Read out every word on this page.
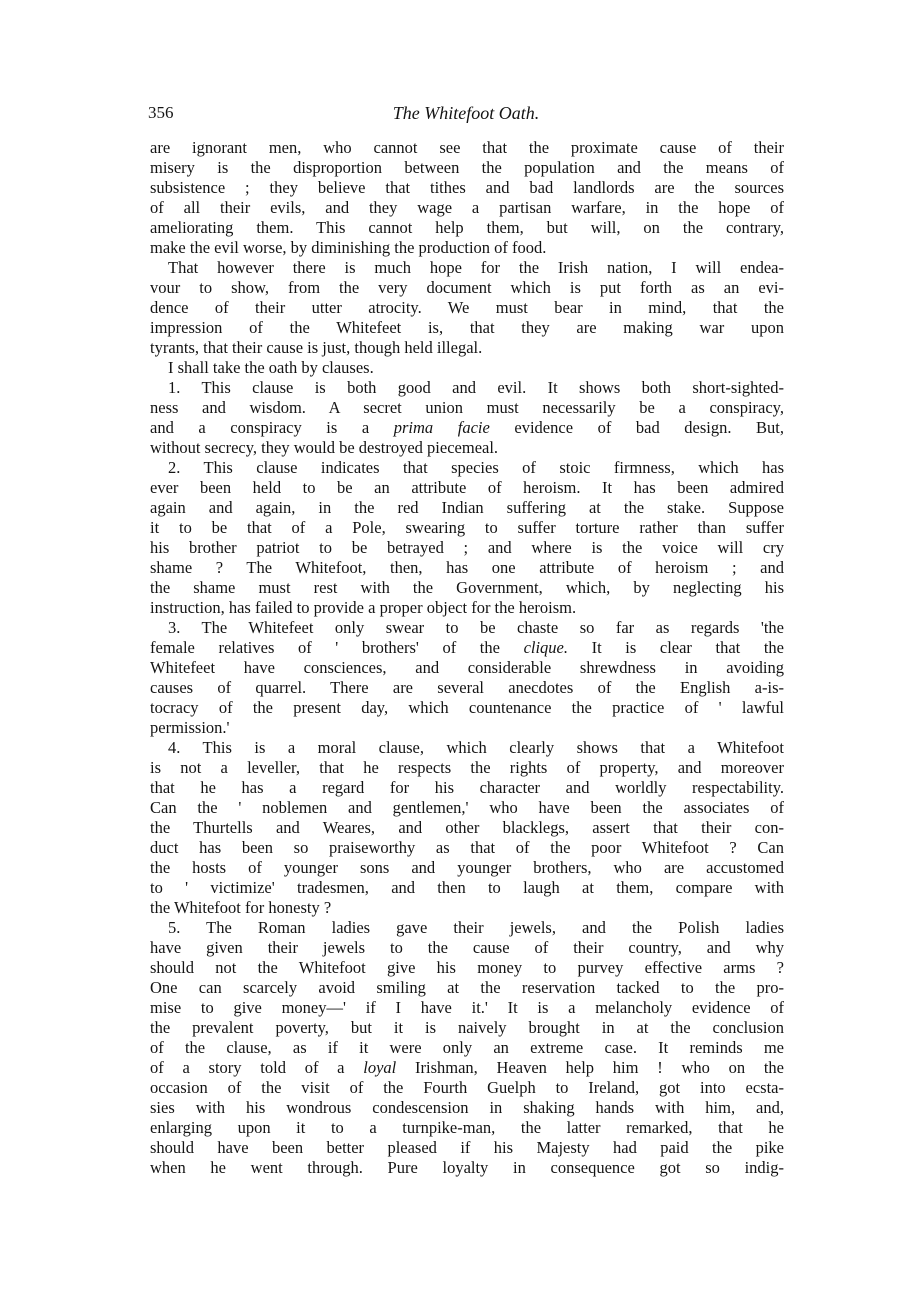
356	The Whitefoot Oath.
are ignorant men, who cannot see that the proximate cause of their
misery is the disproportion between the population and the means of
subsistence ; they believe that tithes and bad landlords are the sources
of all their evils, and they wage a partisan warfare, in the hope of
ameliorating them. This cannot help them, but will, on the contrary,
make the evil worse, by diminishing the production of food.
That however there is much hope for the Irish nation, I will endea-
vour to show, from the very document which is put forth as an evi-
dence of their utter atrocity. We must bear in mind, that the
impression of the Whitefeet is, that they are making war upon
tyrants, that their cause is just, though held illegal.
I shall take the oath by clauses.
1. This clause is both good and evil. It shows both short-sighted-
ness and wisdom. A secret union must necessarily be a conspiracy,
and a conspiracy is a prima facie evidence of bad design. But,
without secrecy, they would be destroyed piecemeal.
2. This clause indicates that species of stoic firmness, which has
ever been held to be an attribute of heroism. It has been admired
again and again, in the red Indian suffering at the stake. Suppose
it to be that of a Pole, swearing to suffer torture rather than suffer
his brother patriot to be betrayed ; and where is the voice will cry
shame ? The Whitefoot, then, has one attribute of heroism ; and
the shame must rest with the Government, which, by neglecting his
instruction, has failed to provide a proper object for the heroism.
3. The Whitefeet only swear to be chaste so far as regards 'the
female relatives of ' brothers' of the clique. It is clear that the
Whitefeet have consciences, and considerable shrewdness in avoiding
causes of quarrel. There are several anecdotes of the English a-is-
tocracy of the present day, which countenance the practice of ' lawful
permission.'
4. This is a moral clause, which clearly shows that a Whitefoot
is not a leveller, that he respects the rights of property, and moreover
that he has a regard for his character and worldly respectability.
Can the ' noblemen and gentlemen,' who have been the associates of
the Thurtells and Weares, and other blacklegs, assert that their con-
duct has been so praiseworthy as that of the poor Whitefoot ? Can
the hosts of younger sons and younger brothers, who are accustomed
to ' victimize' tradesmen, and then to laugh at them, compare with
the Whitefoot for honesty ?
5. The Roman ladies gave their jewels, and the Polish ladies
have given their jewels to the cause of their country, and why
should not the Whitefoot give his money to purvey effective arms ?
One can scarcely avoid smiling at the reservation tacked to the pro-
mise to give money—' if I have it.' It is a melancholy evidence of
the prevalent poverty, but it is naively brought in at the conclusion
of the clause, as if it were only an extreme case. It reminds me
of a story told of a loyal Irishman, Heaven help him ! who on the
occasion of the visit of the Fourth Guelph to Ireland, got into ecsta-
sies with his wondrous condescension in shaking hands with him, and,
enlarging upon it to a turnpike-man, the latter remarked, that he
should have been better pleased if his Majesty had paid the pike
when he went through. Pure loyalty in consequence got so indig-
